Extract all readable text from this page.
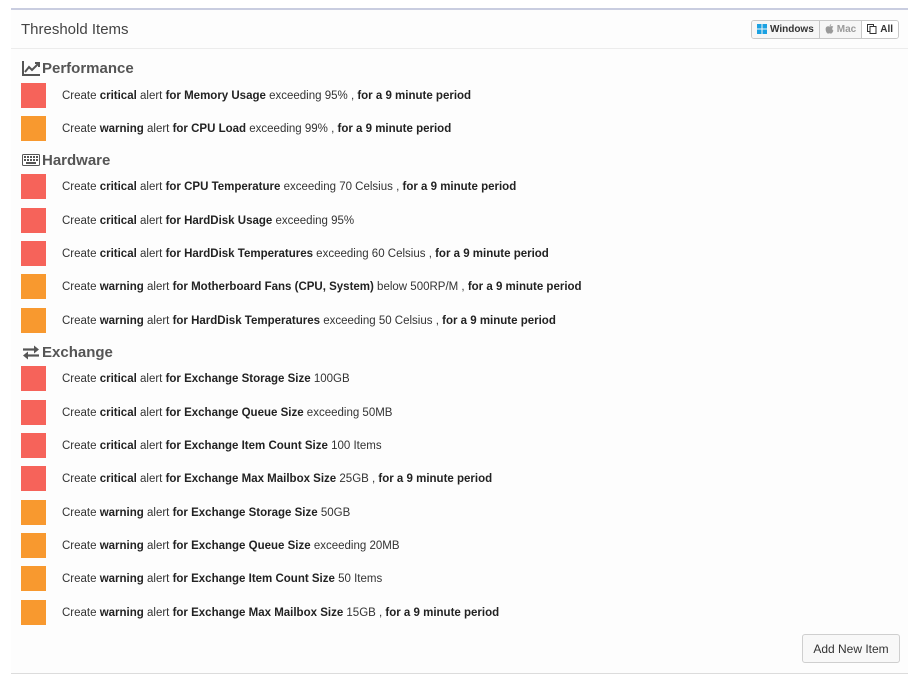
Threshold Items	Windows Mac All
Performance
Create critical alert for Memory Usage exceeding 95% , for a 9 minute period
Create warning alert for CPU Load exceeding 99% , for a 9 minute period
Hardware
Create critical alert for CPU Temperature exceeding 70 Celsius , for a 9 minute period
Create critical alert for HardDisk Usage exceeding 95%
Create critical alert for HardDisk Temperatures exceeding 60 Celsius , for a 9 minute period
Create warning alert for Motherboard Fans (CPU, System) below 500RP/M , for a 9 minute period
Create warning alert for HardDisk Temperatures exceeding 50 Celsius , for a 9 minute period
Exchange
Create critical alert for Exchange Storage Size 100GB
Create critical alert for Exchange Queue Size exceeding 50MB
Create critical alert for Exchange Item Count Size 100 Items
Create critical alert for Exchange Max Mailbox Size 25GB , for a 9 minute period
Create warning alert for Exchange Storage Size 50GB
Create warning alert for Exchange Queue Size exceeding 20MB
Create warning alert for Exchange Item Count Size 50 Items
Create warning alert for Exchange Max Mailbox Size 15GB , for a 9 minute period
Add New Item
